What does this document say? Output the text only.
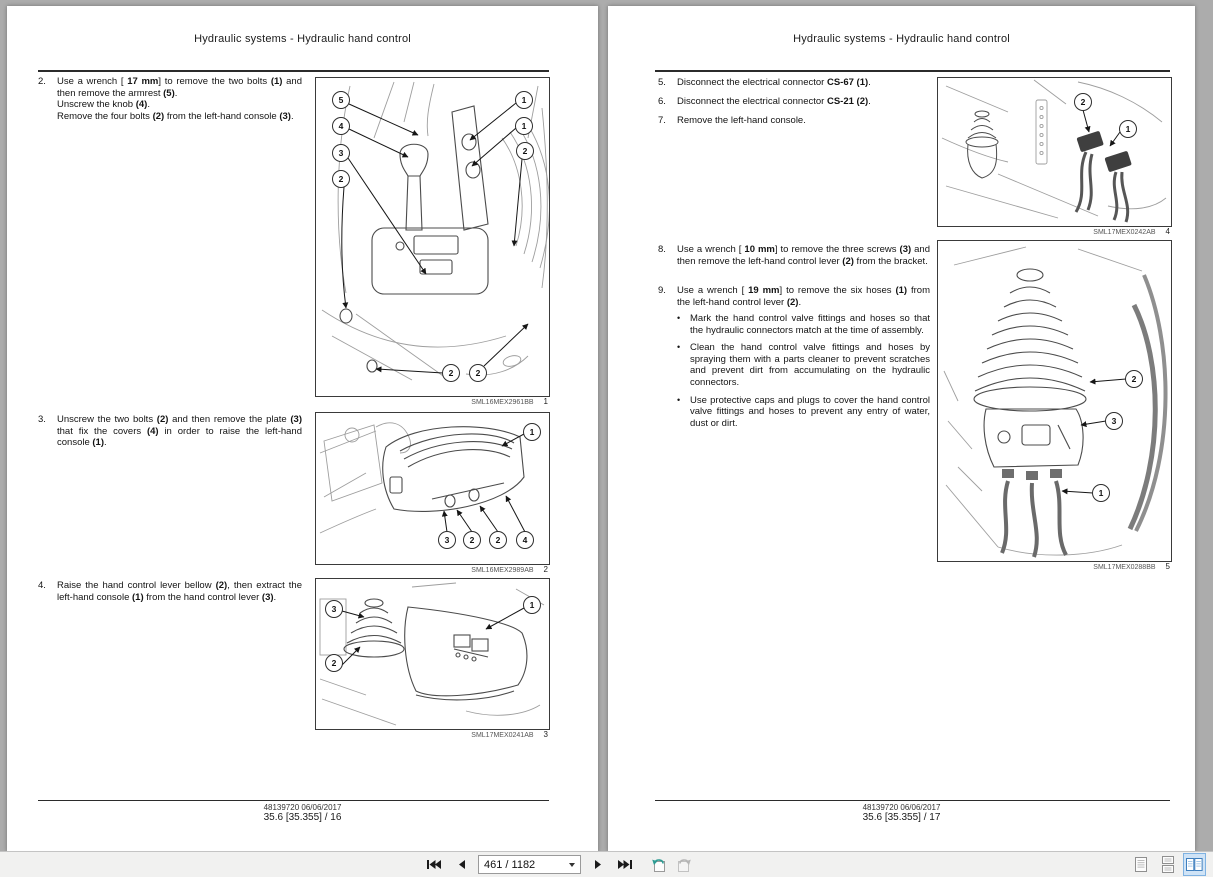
Hydraulic systems - Hydraulic hand control
2.	Use a wrench [ 17 mm] to remove the two bolts (1) and then remove the armrest (5).
Unscrew the knob (4).
Remove the four bolts (2) from the left-hand console (3).
5
4
3
2
1
1
2
2	2
SML16MEX2961BB 1
3.	Unscrew the two bolts (2) and then remove the plate (3) that fix the covers (4) in order to raise the left-hand console (1).
1
3	2	2	4
SML16MEX2989AB 2
4.	Raise the hand control lever bellow (2), then extract the left-hand console (1) from the hand control lever (3).
3
2
1
SML17MEX0241AB 3
48139720 06/06/2017
35.6 [35.355] / 16
Hydraulic systems - Hydraulic hand control
5.	Disconnect the electrical connector CS-67 (1).
6.	Disconnect the electrical connector CS-21 (2).
7.	Remove the left-hand console.
2
1
SML17MEX0242AB 4
8.	Use a wrench [ 10 mm] to remove the three screws (3) and then remove the left-hand control lever (2) from the bracket.
9.	Use a wrench [ 19 mm] to remove the six hoses (1) from the left-hand control lever (2).
•	Mark the hand control valve fittings and hoses so that the hydraulic connectors match at the time of assembly.
•	Clean the hand control valve fittings and hoses by spraying them with a parts cleaner to prevent scratches and prevent dirt from accumulating on the hydraulic connectors.
•	Use protective caps and plugs to cover the hand control valve fittings and hoses to prevent any entry of water, dust or dirt.
2
3
1
SML17MEX0288BB 5
48139720 06/06/2017
35.6 [35.355] / 17
461 / 1182
